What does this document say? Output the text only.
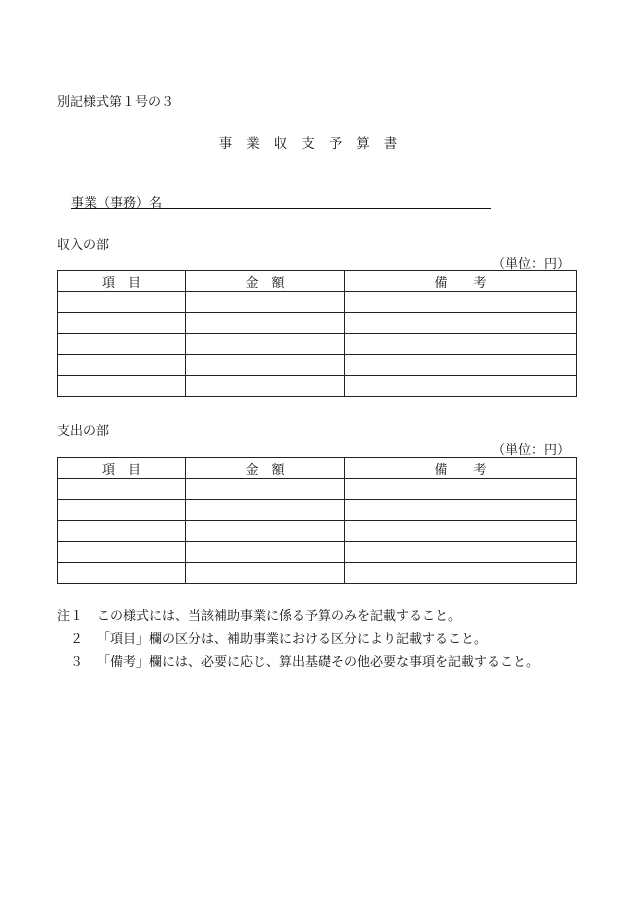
別記様式第１号の３
事業収支予算書
事業（事務）名
収入の部
（単位：円）
項　目	金　額	備　　考

支出の部
（単位：円）
項　目	金　額	備　　考

注１	この様式には、当該補助事業に係る予算のみを記載すること。
２	「項目」欄の区分は、補助事業における区分により記載すること。
３	「備考」欄には、必要に応じ、算出基礎その他必要な事項を記載すること。
